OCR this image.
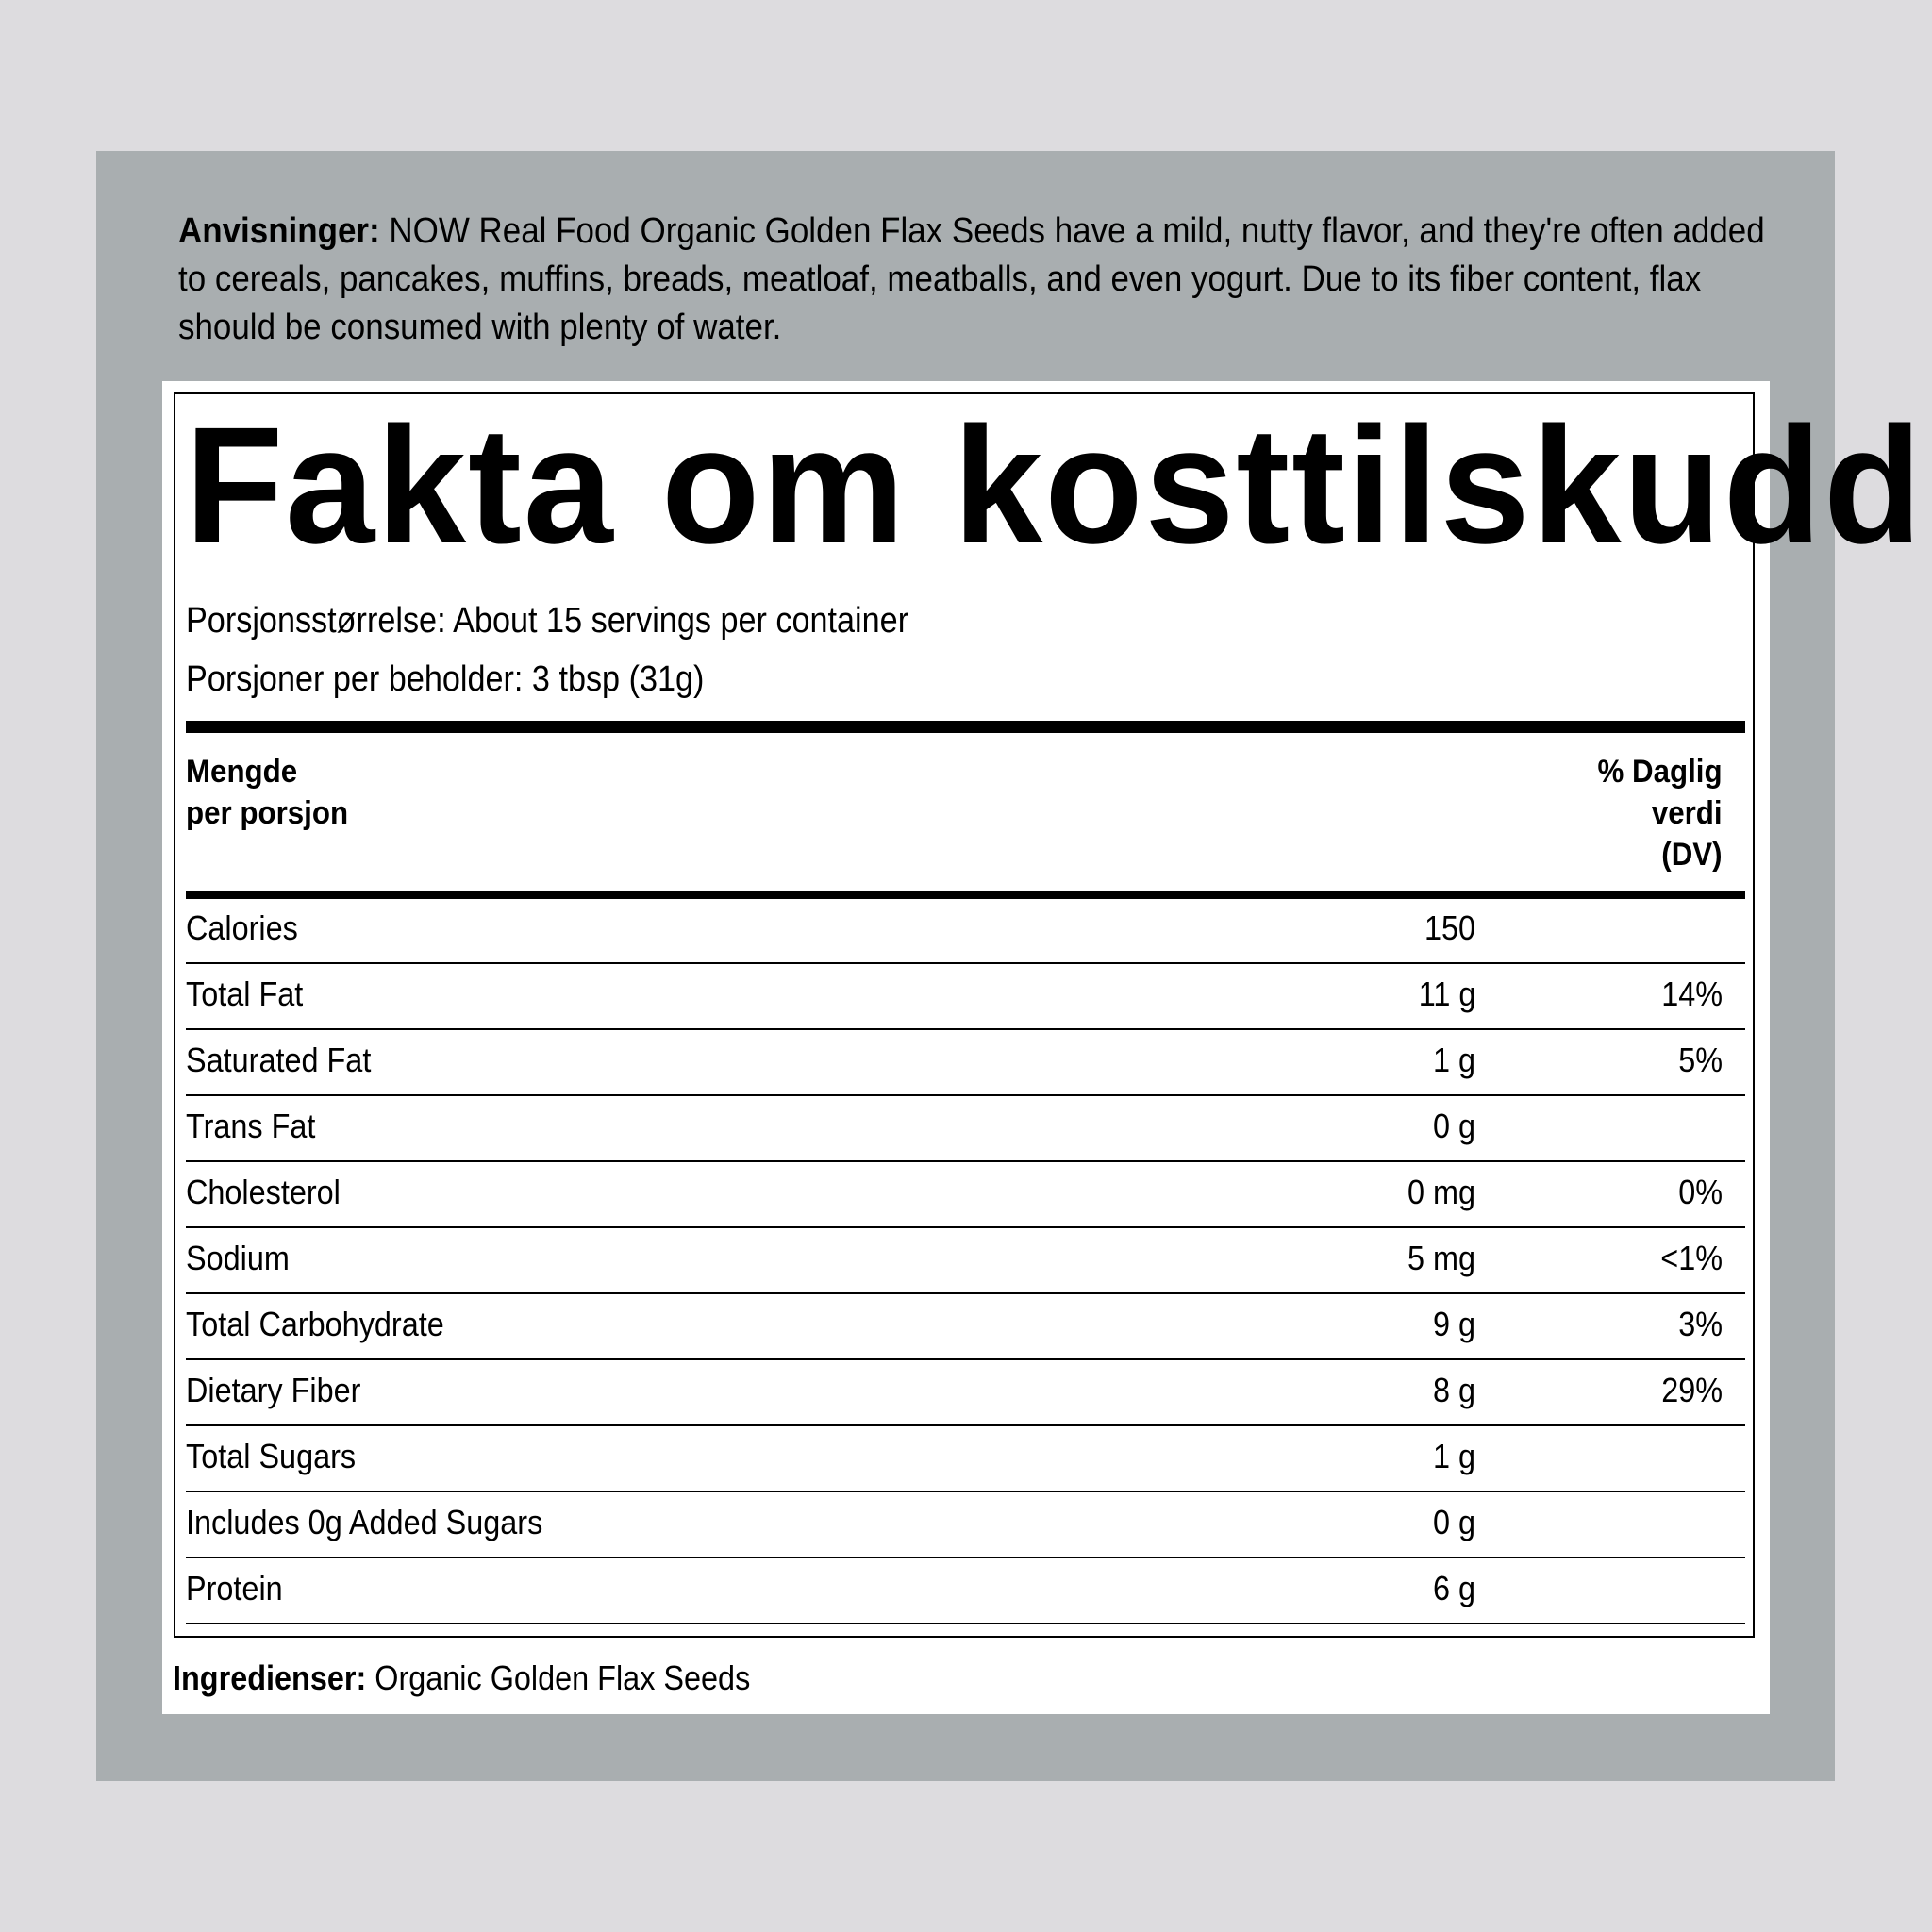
Anvisninger: NOW Real Food Organic Golden Flax Seeds have a mild, nutty flavor, and they're often added to cereals, pancakes, muffins, breads, meatloaf, meatballs, and even yogurt. Due to its fiber content, flax should be consumed with plenty of water.
Fakta om kosttilskudd
Porsjonsstørrelse: About 15 servings per container
Porsjoner per beholder: 3 tbsp (31g)
Mengde
per porsjon
% Daglig
verdi
(DV)
Calories	150
Total Fat	11 g	14%
Saturated Fat	1 g	5%
Trans Fat	0 g
Cholesterol	0 mg	0%
Sodium	5 mg	<1%
Total Carbohydrate	9 g	3%
Dietary Fiber	8 g	29%
Total Sugars	1 g
Includes 0g Added Sugars	0 g
Protein	6 g
Ingredienser: Organic Golden Flax Seeds
